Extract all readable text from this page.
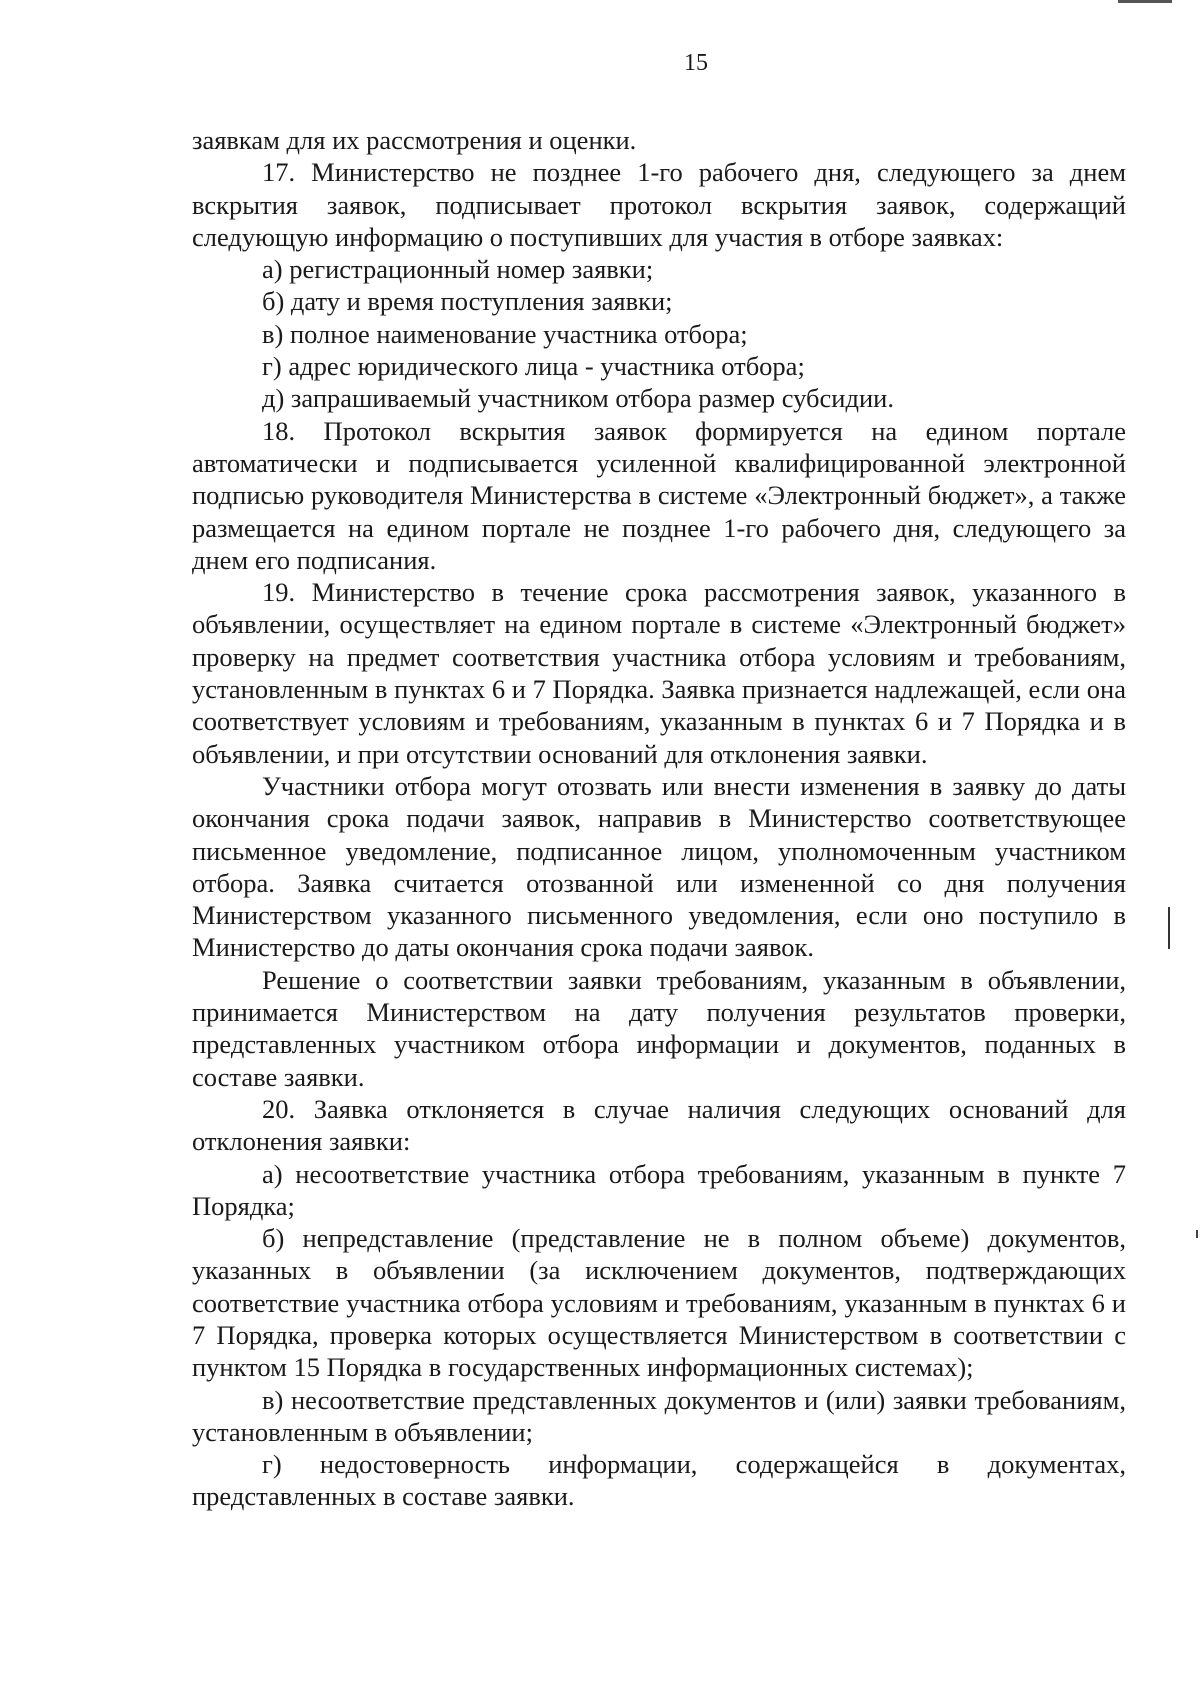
15

заявкам для их рассмотрения и оценки.

17. Министерство не позднее 1-го рабочего дня, следующего за днем вскрытия заявок, подписывает протокол вскрытия заявок, содержащий следующую информацию о поступивших для участия в отборе заявках:

а) регистрационный номер заявки;

б) дату и время поступления заявки;

в) полное наименование участника отбора;

г) адрес юридического лица - участника отбора;

д) запрашиваемый участником отбора размер субсидии.

18. Протокол вскрытия заявок формируется на едином портале автоматически и подписывается усиленной квалифицированной электронной подписью руководителя Министерства в системе «Электронный бюджет», а также размещается на едином портале не позднее 1-го рабочего дня, следующего за днем его подписания.

19. Министерство в течение срока рассмотрения заявок, указанного в объявлении, осуществляет на едином портале в системе «Электронный бюджет» проверку на предмет соответствия участника отбора условиям и требованиям, установленным в пунктах 6 и 7 Порядка. Заявка признается надлежащей, если она соответствует условиям и требованиям, указанным в пунктах 6 и 7 Порядка и в объявлении, и при отсутствии оснований для отклонения заявки.

Участники отбора могут отозвать или внести изменения в заявку до даты окончания срока подачи заявок, направив в Министерство соответствующее письменное уведомление, подписанное лицом, уполномоченным участником отбора. Заявка считается отозванной или измененной со дня получения Министерством указанного письменного уведомления, если оно поступило в Министерство до даты окончания срока подачи заявок.

Решение о соответствии заявки требованиям, указанным в объявлении, принимается Министерством на дату получения результатов проверки, представленных участником отбора информации и документов, поданных в составе заявки.

20. Заявка отклоняется в случае наличия следующих оснований для отклонения заявки:

а) несоответствие участника отбора требованиям, указанным в пункте 7 Порядка;

б) непредставление (представление не в полном объеме) документов, указанных в объявлении (за исключением документов, подтверждающих соответствие участника отбора условиям и требованиям, указанным в пунктах 6 и 7 Порядка, проверка которых осуществляется Министерством в соответствии с пунктом 15 Порядка в государственных информационных системах);

в) несоответствие представленных документов и (или) заявки требованиям, установленным в объявлении;

г) недостоверность информации, содержащейся в документах, представленных в составе заявки.
